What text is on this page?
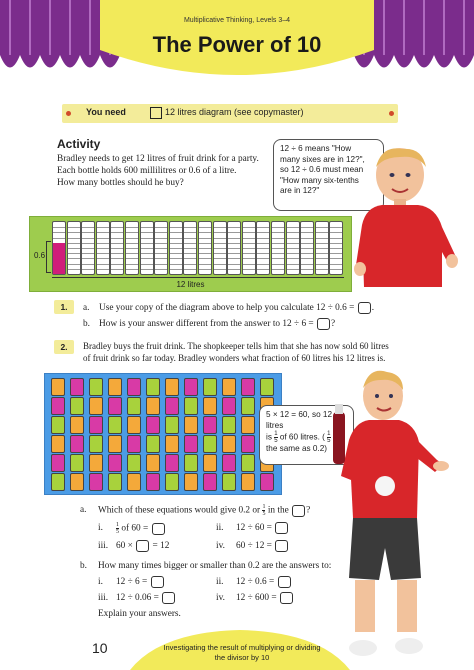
Multiplicative Thinking, Levels 3–4
The Power of 10
You need	12 litres diagram (see copymaster)
Activity
Bradley needs to get 12 litres of fruit drink for a party.
Each bottle holds 600 millilitres or 0.6 of a litre.
How many bottles should he buy?
12 ÷ 6 means "How
many sixes are in 12?",
so 12 ÷ 0.6 must mean
"How many six-tenths
are in 12?"
0.6
12 litres
1.	a. Use your copy of the diagram above to help you calculate 12 ÷ 0.6 = .
b. How is your answer different from the answer to 12 ÷ 6 = ?
2.	Bradley buys the fruit drink. The shopkeeper tells him that she has now sold 60 litres
of fruit drink so far today. Bradley wonders what fraction of 60 litres his 12 litres is.
5 × 12 = 60, so 12 litres
is $\frac{1}{5}$ of 60 litres. ( $\frac{1}{5}$
the same as 0.2)
a. Which of these equations would give 0.2 or $\frac{1}{5}$ in the ?
i. $\frac{1}{5}$ of 60 =	ii. 12 ÷ 60 =
iii. 60 × = 12	iv. 60 ÷ 12 =
b. How many times bigger or smaller than 0.2 are the answers to:
i. 12 ÷ 6 =	ii. 12 ÷ 0.6 =
iii. 12 ÷ 0.06 =	iv. 12 ÷ 600 =
Explain your answers.
10	Investigating the result of multiplying or dividing
the divisor by 10
